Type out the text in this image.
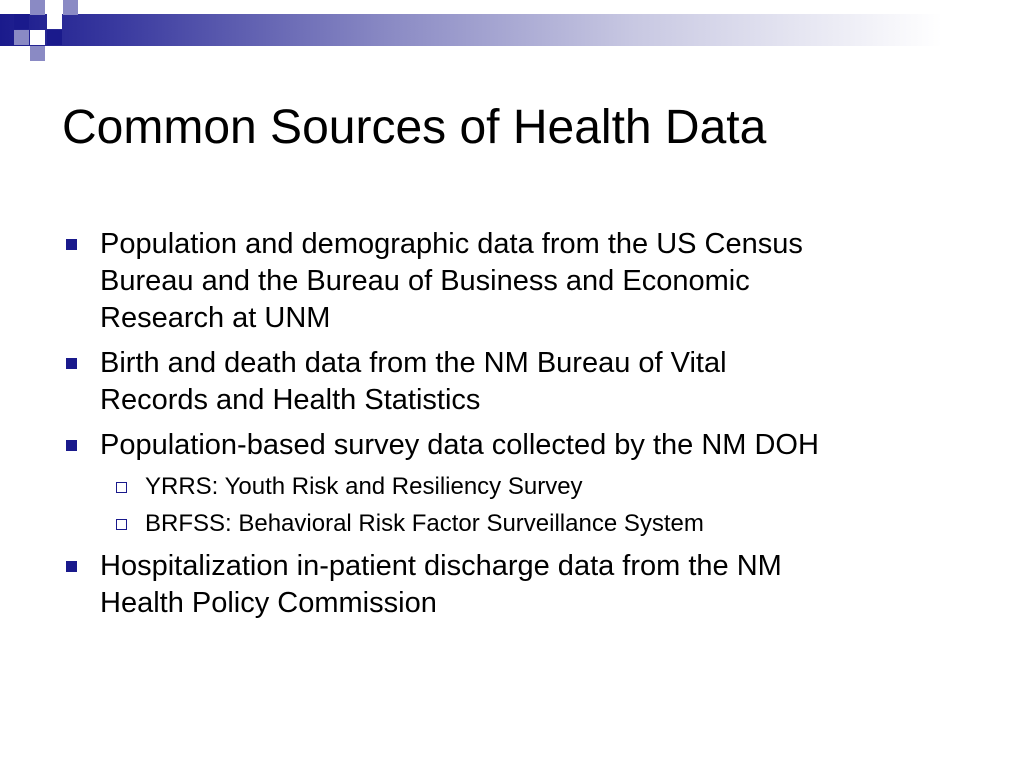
Common Sources of Health Data
Population and demographic data from the US Census
Bureau and the Bureau of Business and Economic
Research at UNM
Birth and death data from the NM Bureau of Vital
Records and Health Statistics
Population-based survey data collected by the NM DOH
YRRS: Youth Risk and Resiliency Survey
BRFSS: Behavioral Risk Factor Surveillance System
Hospitalization in-patient discharge data from the NM
Health Policy Commission
